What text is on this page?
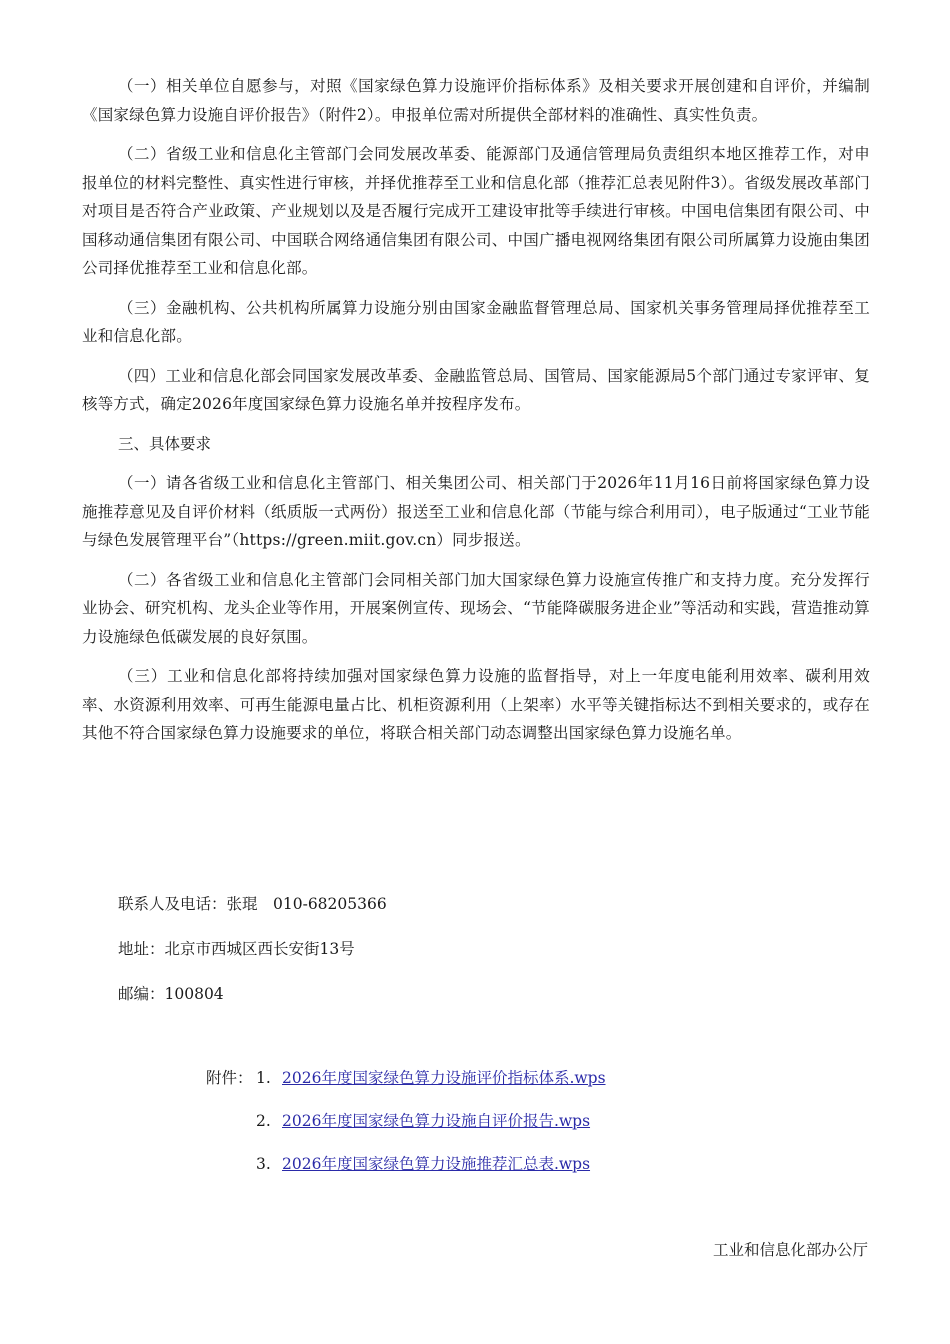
（一）相关单位自愿参与，对照《国家绿色算力设施评价指标体系》及相关要求开展创建和自评价，并编制《国家绿色算力设施自评价报告》（附件2）。申报单位需对所提供全部材料的准确性、真实性负责。

（二）省级工业和信息化主管部门会同发展改革委、能源部门及通信管理局负责组织本地区推荐工作，对申报单位的材料完整性、真实性进行审核，并择优推荐至工业和信息化部（推荐汇总表见附件3）。省级发展改革部门对项目是否符合产业政策、产业规划以及是否履行完成开工建设审批等手续进行审核。中国电信集团有限公司、中国移动通信集团有限公司、中国联合网络通信集团有限公司、中国广播电视网络集团有限公司所属算力设施由集团公司择优推荐至工业和信息化部。

（三）金融机构、公共机构所属算力设施分别由国家金融监督管理总局、国家机关事务管理局择优推荐至工业和信息化部。

（四）工业和信息化部会同国家发展改革委、金融监管总局、国管局、国家能源局5个部门通过专家评审、复核等方式，确定2026年度国家绿色算力设施名单并按程序发布。

三、具体要求

（一）请各省级工业和信息化主管部门、相关集团公司、相关部门于2026年11月16日前将国家绿色算力设施推荐意见及自评价材料（纸质版一式两份）报送至工业和信息化部（节能与综合利用司），电子版通过“工业节能与绿色发展管理平台”（https://green.miit.gov.cn）同步报送。

（二）各省级工业和信息化主管部门会同相关部门加大国家绿色算力设施宣传推广和支持力度。充分发挥行业协会、研究机构、龙头企业等作用，开展案例宣传、现场会、“节能降碳服务进企业”等活动和实践，营造推动算力设施绿色低碳发展的良好氛围。

（三）工业和信息化部将持续加强对国家绿色算力设施的监督指导，对上一年度电能利用效率、碳利用效率、水资源利用效率、可再生能源电量占比、机柜资源利用（上架率）水平等关键指标达不到相关要求的，或存在其他不符合国家绿色算力设施要求的单位，将联合相关部门动态调整出国家绿色算力设施名单。

联系人及电话：张琨　010-68205366
地址：北京市西城区西长安街13号
邮编：100804
附件： 1. 2026年度国家绿色算力设施评价指标体系.wps
2. 2026年度国家绿色算力设施自评价报告.wps
3. 2026年度国家绿色算力设施推荐汇总表.wps
工业和信息化部办公厅
